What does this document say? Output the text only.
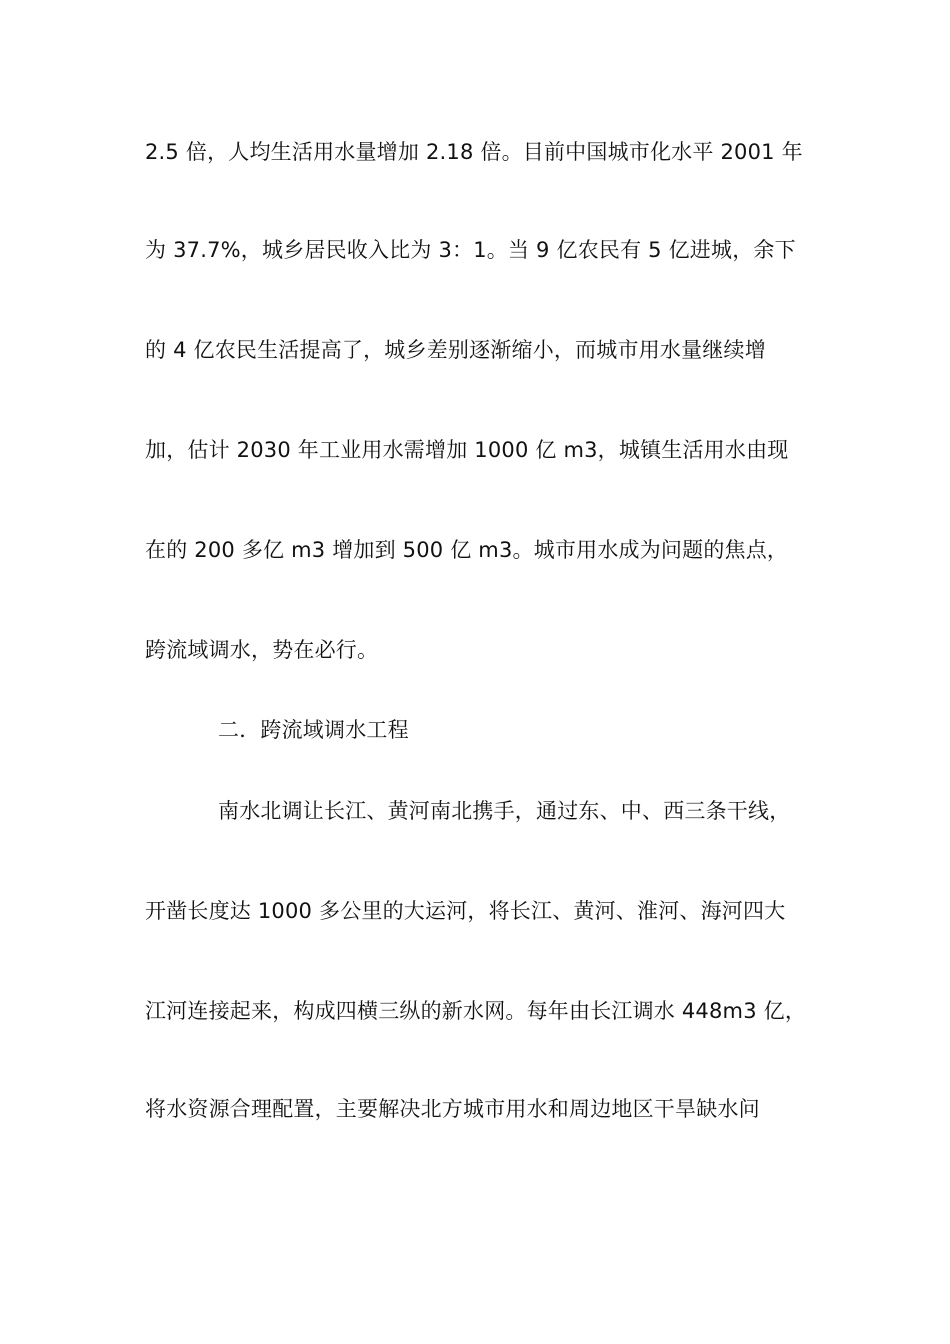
2.5 倍，人均生活用水量增加 2.18 倍。目前中国城市化水平 2001 年
为 37.7%，城乡居民收入比为 3：1。当 9 亿农民有 5 亿进城，余下
的 4 亿农民生活提高了，城乡差别逐渐缩小，而城市用水量继续增
加，估计 2030 年工业用水需增加 1000 亿 m3，城镇生活用水由现
在的 200 多亿 m3 增加到 500 亿 m3。城市用水成为问题的焦点，
跨流域调水，势在必行。
二．跨流域调水工程
南水北调让长江、黄河南北携手，通过东、中、西三条干线，
开凿长度达 1000 多公里的大运河，将长江、黄河、淮河、海河四大
江河连接起来，构成四横三纵的新水网。每年由长江调水 448m3 亿，
将水资源合理配置，主要解决北方城市用水和周边地区干旱缺水问
